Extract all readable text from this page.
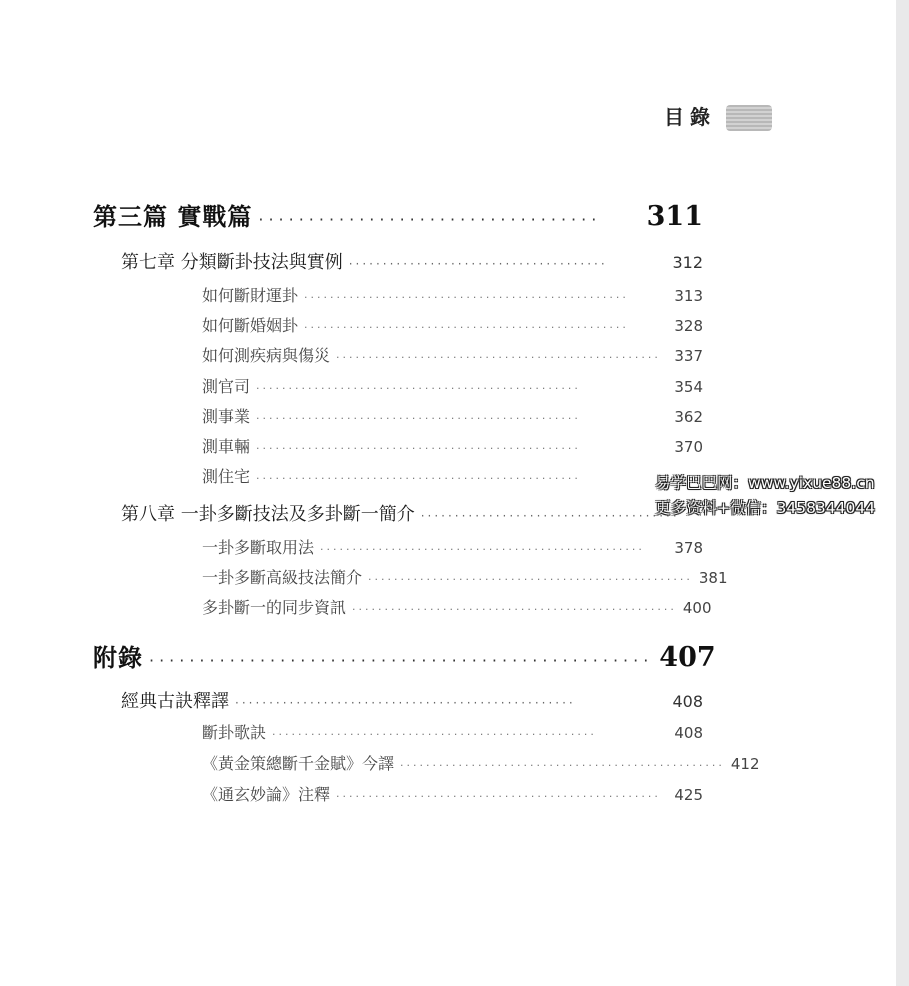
目錄
第三篇 實戰篇 ··································	311
第七章 分類斷卦技法與實例 ······································	312
如何斷財運卦 ··················································	313
如何斷婚姻卦 ··················································	328
如何測疾病與傷災 ·················································· 337
測官司 ··················································	354
測事業 ··················································	362
測車輛 ··················································	370
測住宅 ··················································
第八章 一卦多斷技法及多卦斷一簡介 ······································
一卦多斷取用法 ··················································	378
一卦多斷高級技法簡介 ·················································· 381
多卦斷一的同步資訊 ·················································· 400
附錄 ·················································· 407
經典古訣釋譯 ··················································	408
斷卦歌訣 ··················································	408
《黃金策總斷千金賦》今譯 ·················································· 412
《通玄妙論》注釋 ·················································· 425
易学巴巴网：www.yixue88.cn
更多资料+微信：3458344044
